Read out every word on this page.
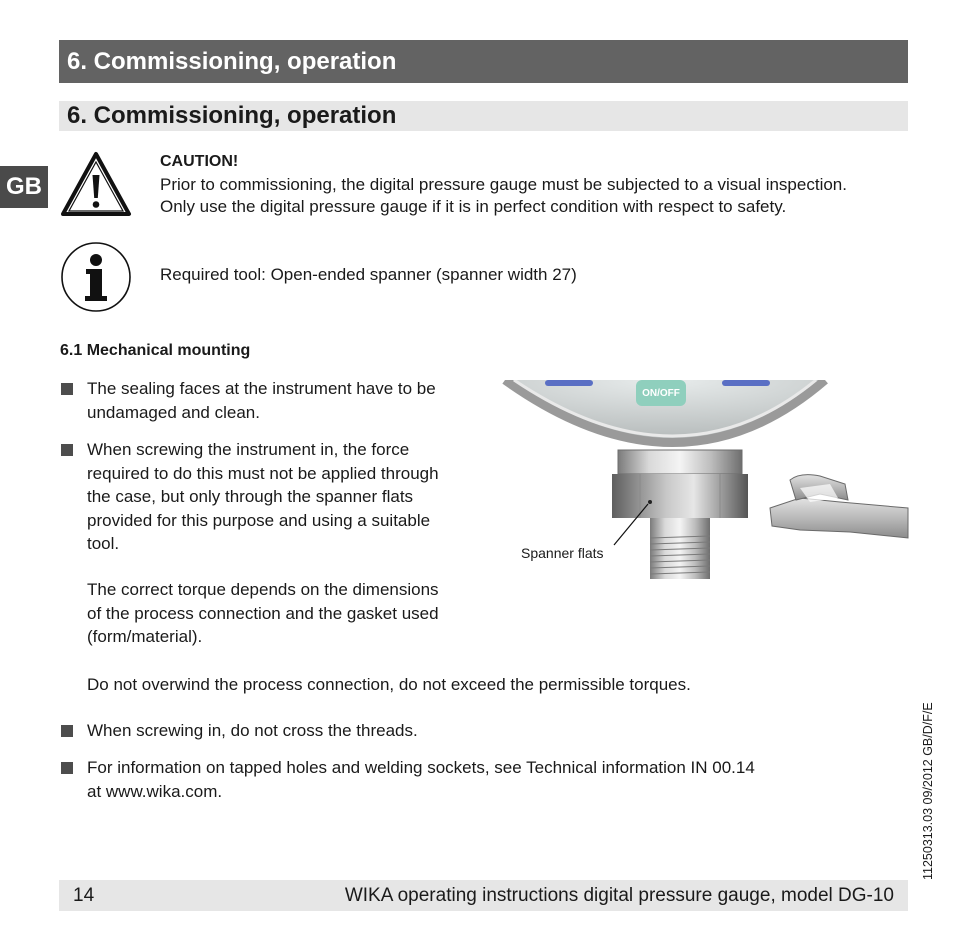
6. Commissioning, operation
6. Commissioning, operation
GB
CAUTION!
Prior to commissioning, the digital pressure gauge must be subjected to a visual inspection.
Only use the digital pressure gauge if it is in perfect condition with respect to safety.
Required tool: Open-ended spanner (spanner width 27)
6.1 Mechanical mounting
The sealing faces at the instrument have to be
undamaged and clean.
When screwing the instrument in, the force
required to do this must not be applied through
the case, but only through the spanner flats
provided for this purpose and using a suitable
tool.
The correct torque depends on the dimensions
of the process connection and the gasket used
(form/material).
Do not overwind the process connection, do not exceed the permissible torques.
When screwing in, do not cross the threads.
For information on tapped holes and welding sockets, see Technical information IN 00.14
at www.wika.com.
ON/OFF
Spanner flats
11250313.03 09/2012 GB/D/F/E
14	WIKA operating instructions digital pressure gauge, model DG-10
